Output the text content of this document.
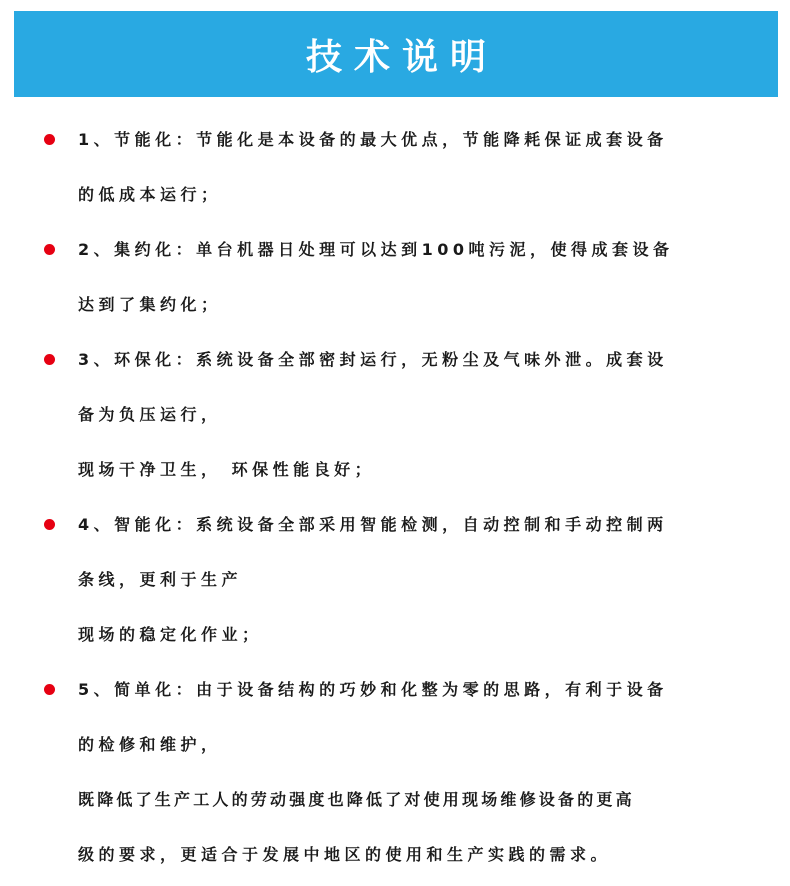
技术说明
1、节能化：节能化是本设备的最大优点，节能降耗保证成套设备
的低成本运行；
2、集约化：单台机器日处理可以达到100吨污泥，使得成套设备
达到了集约化；
3、环保化：系统设备全部密封运行，无粉尘及气味外泄。成套设
备为负压运行，
现场干净卫生， 环保性能良好；
4、智能化：系统设备全部采用智能检测，自动控制和手动控制两
条线，更利于生产
现场的稳定化作业；
5、简单化：由于设备结构的巧妙和化整为零的思路，有利于设备
的检修和维护，
既降低了生产工人的劳动强度也降低了对使用现场维修设备的更高
级的要求，更适合于发展中地区的使用和生产实践的需求。
